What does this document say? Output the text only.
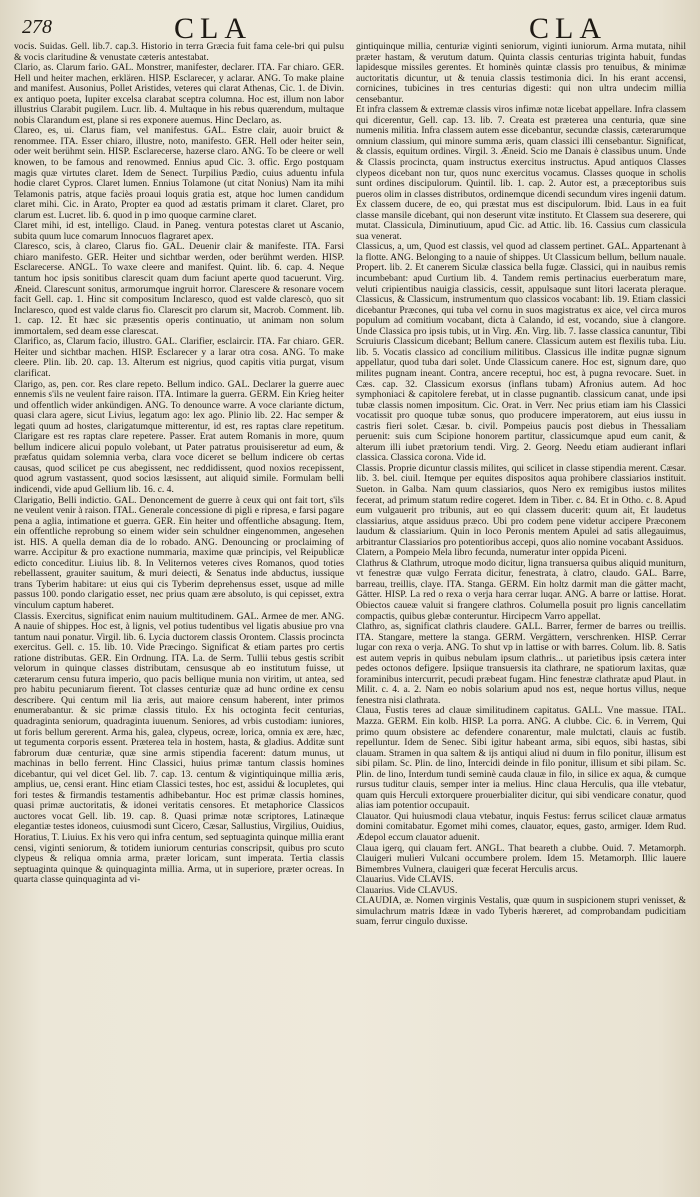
278	CLA	CLA

vocis. Suidas. Gell. lib.7. cap.3. Historio in terra Græcia fuit fama cele-bri qui pulsu & vocis claritudine & venustate cæteris antestabat.

Clario, as. Clarum fario. GAL. Monstrer, manifester, declarer. ITA. Far chiaro. GER. Hell und heiter machen, erklären. HISP. Esclarecer, y aclarar. ANG. To make plaine and manifest. Ausonius, Pollet Aristides, veteres qui clarat Athenas, Cic. 1. de Divin. ex antiquo poeta, Iupiter excelsa clarabat sceptra columna. Hoc est, illum non labor illustrius Clarabit pugilem. Lucr. lib. 4. Multaque in his rebus quærendum, multaque nobis Clarandum est, plane si res exponere auemus. Hinc Declaro, as.

Clareo, es, ui. Clarus fiam, vel manifestus. GAL. Estre clair, auoir bruict & renommee. ITA. Esser chiaro, illustre, noto, manifesto. GER. Hell oder heiter sein, oder weit berühmt sein. HISP. Esclarecerse, hazerse claro. ANG. To be cleere or well knowen, to be famous and renowmed. Ennius apud Cic. 3. offic. Ergo postquam magis quæ virtutes claret. Idem de Senect. Turpilius Pædio, cuius aduentu infula hodie claret Cypros. Claret lumen. Ennius Tolamone (ut citat Nonius) Nam ita mihi Telamonis patris, atque faciès proaui loquis gratia est, atque hoc lumen candidum claret mihi. Cic. in Arato, Propter ea quod ad æstatis primam it claret. Claret, pro clarum est. Lucret. lib. 6. quod in p imo quoque carmine claret.

Claret mihi, id est, intelligo. Claud. in Paneg. ventura potestas claret ut Ascanio, subita quum luce comarum Innocuos flagraret apex.

Claresco, scis, à clareo, Clarus fio. GAL. Deuenir clair & manifeste. ITA. Farsi chiaro manifesto. GER. Heiter und sichtbar werden, oder berühmt werden. HISP. Esclarecerse. ANGL. To waxe cleere and manifest. Quint. lib. 6. cap. 4. Neque tantum hoc ipsis sonitibus clarescit quam dum faciunt aperte quod tacuerunt. Virg. Æneid. Clarescunt sonitus, armorumque ingruit horror. Clarescere & resonare vocem facit Gell. cap. 1. Hinc sit compositum Inclaresco, quod est valde clarescò, quo sit Inclaresco, quod est valde clarus fio. Clarescit pro clarum sit, Macrob. Comment. lib. 1. cap. 12. Et hæc sic præsentis operis continuatio, ut animam non solum immortalem, sed deam esse clarescat.

Clarifico, as, Clarum facio, illustro. GAL. Clarifier, esclaircir. ITA. Far chiaro. GER. Heiter und sichtbar machen. HISP. Esclarecer y a larar otra cosa. ANG. To make cleere. Plin. lib. 20. cap. 13. Alterum est nigrius, quod capitis vitia purgat, visum clarificat.

Clarigo, as, pen. cor. Res clare repeto. Bellum indico. GAL. Declarer la guerre auec ennemis s'ils ne veulent faire raison. ITA. Intimare la guerra. GERM. Ein Krieg heiter und offentlich wider ankündigen. ANG. To denounce warre. A voce clariante dictum, quasi clara agere, sicut Livius, legatum ago: lex ago. Plinio lib. 22. Hac semper & legati quum ad hostes, clarigatumque mitterentur, id est, res raptas clare repetitum. Clarigare est res raptas clare repetere. Passer. Erat autem Romanis in more, quum bellum indicere alicui populo volebant, ut Pater patratus prouisiseretur ad eum, & præfatus quidam solemnia verba, clara voce diceret se bellum indicere ob certas causas, quod scilicet pe cus abegissent, nec reddidissent, quod noxios recepissent, quod agrum vastassent, quod socios læsissent, aut aliquid simile. Formulam belli indicendi, vide apud Gellium lib. 16. c. 4.

Clarigatio, Belli indictio. GAL. Denoncement de guerre à ceux qui ont fait tort, s'ils ne veulent venir à raison. ITAL. Generale concessione di pigli e ripresa, e farsi pagare pena a aglia, intimatione et guerra. GER. Ein heiter und offentliche absagung. Item, ein offentliche reprobung so einem wider sein schuldner eingenommen, angesehen ist. HIS. A quella deman dia de lo robado. ANG. Denouncing or proclaiming of warre. Accipitur & pro exactione nummaria, maxime quæ principis, vel Reipublicæ edicto conceditur. Liuius lib. 8. In Veliternos veteres cives Romanos, quod toties rebellassent, grauiter sauitum, & muri deiecti, & Senatus inde abductus, iussique trans Tyberim habitare: ut eius qui cis Tyberim deprehensus esset, usque ad mille passus 100. pondo clarigatio esset, nec prius quam ære absoluto, is qui cepisset, extra vinculum captum haberet.

Classis. Exercitus, significat enim nauium multitudinem. GAL. Armee de mer. ANG. A nauie of shippes. Hoc est, à lignis, vel potius tudentibus vel ligatis abusiue pro vna tantum naui ponatur. Virgil. lib. 6. Lycia ductorem classis Orontem. Classis procincta exercitus. Gell. c. 15. lib. 10. Vide Præcingo. Significat & etiam partes pro certis ratione distributas. GER. Ein Ordnung. ITA. La. de Serm. Tullii tebus gestis scribit velorum in quinque classes distributam, censusque ab eo institutum fuisse, ut cæterarum censu futura imperio, quo pacis bellique munia non viritim, ut antea, sed pro habitu pecuniarum fierent. Tot classes centuriæ quæ ad hunc ordine ex censu describere. Qui centum mil lia æris, aut maiore censum haberent, inter primos enumerabantur. & sic primæ classis titulo. Ex his octoginta fecit centurias, quadraginta seniorum, quadraginta iuuenum. Seniores, ad vrbis custodiam: iuniores, ut foris bellum gererent. Arma his, galea, clypeus, ocreæ, lorica, omnia ex ære, hæc, ut tegumenta corporis essent. Præterea tela in hostem, hasta, & gladius. Additæ sunt fabrorum duæ centuriæ, quæ sine armis stipendia facerent: datum munus, ut machinas in bello ferrent. Hinc Classici, huius primæ tantum classis homines dicebantur, qui vel dicet Gel. lib. 7. cap. 13. centum & vigintiquinque millia æris, amplius, ue, censi erant. Hinc etiam Classici testes, hoc est, assidui & locupletes, qui fori testes & firmandis testamentis adhibebantur. Hoc est primæ classis homines, quasi primæ auctoritatis, & idonei veritatis censores. Et metaphorice Classicos auctores vocat Gell. lib. 19. cap. 8. Quasi primæ notæ scriptores, Latinæque elegantiæ testes idoneos, cuiusmodi sunt Cicero, Cæsar, Sallustius, Virgilius, Ouidius, Horatius, T. Liuius. Ex his vero qui infra centum, sed septuaginta quinque millia erant censi, viginti seniorum, & totidem iuniorum centurias conscripsit, quibus pro scuto clypeus & reliqua omnia arma, præter loricam, sunt imperata. Tertia classis septuaginta quinque & quinquaginta millia. Arma, ut in superiore, præter ocreas. In quarta classe quinquaginta ad vi-

gintiquinque millia, centuriæ viginti seniorum, viginti iuniorum. Arma mutata, nihil præter hastam, & verutum datum. Quinta classis centurias triginta habuit, fundas lapidesque missiles gerentes. Et hominès quintæ classis pro tenuibus, & minimæ auctoritatis dicuntur, ut & tenuia classis testimonia dici. In his erant accensi, cornicines, tubicines in tres centurias digesti: qui non ultra undecim millia censebantur.

Et infra classem & extremæ classis viros infimæ notæ licebat appellare. Infra classem qui dicerentur, Gell. cap. 13. lib. 7. Creata est præterea una centuria, quæ sine numenis militia. Infra classem autem esse dicebantur, secundæ classis, cæterarumque omnium classium, qui minore summa æris, quam classici illi censebantur. Significat, & classis, equitum ordines. Virgil. 3. Æneid. Scio me Danais è classibus unum. Unde & Classis procincta, quam instructus exercitus instructus. Apud antiquos Classes clypeos dicebant non tur, quos nunc exercitus vocamus. Classes quoque in scholis sunt ordines discipulorum. Quintil. lib. 1. cap. 2. Autor est, a præceptoribus suis pueros olim in classes distributos, ordinemque dicendi secundum vires ingenii datum. Ex classem ducere, de eo, qui præstat mus est discipulorum. Ibid. Laus in ea fuit classe mansile dicebant, qui non deserunt vitæ instituto. Et Classem sua deserere, qui mutat. Classicula, Diminutiuum, apud Cic. ad Attic. lib. 16. Cassius cum classicula sua venerat.

Classicus, a, um, Quod est classis, vel quod ad classem pertinet. GAL. Appartenant à la flotte. ANG. Belonging to a nauie of shippes. Ut Classicum bellum, bellum nauale. Propert. lib. 2. Et canerem Siculæ classica bella fugæ. Classici, qui in nauibus remis incumbebant: apud Curtium lib. 4. Tandem remis pertinacius euerberatum mare, veluti cripientibus nauigia classicis, cessit, appulsaque sunt litori lacerata pleraque. Classicus, & Classicum, instrumentum quo classicos vocabant: lib. 19. Etiam classici dicebantur Præcones, qui tuba vel cornu in suos magistratus ex aice, vel circa muros populum ad comitium vocabant, dicta à Calando, id est, vocando, siue à clangore. Unde Classica pro ipsis tubis, ut in Virg. Æn. Virg. lib. 7. Iasse classica canuntur, Tibi Scruiuris Classicum dicebant; Bellum canere. Classicum autem est flexilis tuba. Liu. lib. 5. Vocatis classico ad concilium militibus. Classicus ille inditæ pugnæ signum appellatur, quod tuba dari solet. Unde Classicum canere. Hoc est, signum dare, quo milites pugnam ineant. Contra, ancere receptui, hoc est, à pugna revocare. Suet. in Cæs. cap. 32. Classicum exorsus (inflans tubam) Afronius autem. Ad hoc symphoniaci & capitolere ferebat, ut in classe pugnantib. classicum canat, unde ipsi tubæ classis nomen impositum. Cic. Orat. in Verr. Nec prius etiam iam his Classici vocatissit pro quoque tubæ sonus, quo producere imperatorem, aut eius iussu in castris fieri solet. Cæsar. b. civil. Pompeius paucis post diebus in Thessaliam peruenit: suis cum Scipione honorem partitur, classicumque apud eum canit, & alterum illi iubet prætorium tendi. Virg. 2. Georg. Needu etiam audierant inflari classica. Classica corona. Vide id.

Classis. Proprie dicuntur classis milites, qui scilicet in classe stipendia merent. Cæsar. lib. 3. bel. ciuil. Itemque per equites dispositos aqua prohibere classiarios instituit. Sueton. in Galba. Nam quum classiarios, quos Nero ex remigibus iustos milites fecerat, ad primum statum redire cogeret. Idem in Tiber. c. 84. Et in Otho. c. 8. Apud eum vulgauerit pro tribunis, aut eo qui classem ducerit: quum ait, Et laudetus classiarius, atque assiduus præco. Ubi pro codem pene videtur accipere Præconem laudum & classiarium. Quin in loco Peronis mentem Apulei ad satis allegauimus, arbitrantur Classiarios pro potentioribus accepi, quos alio nomine vocabant Assiduos.

Clatern, a Pompeio Mela libro fecunda, numeratur inter oppida Piceni.

Clathrus & Clathrum, utroque modo dicitur, ligna transuersa quibus aliquid muniturn, vt fenestræ quæ vulgo Ferrata dicitur, fenestrata, à clatro, claudo. GAL. Barre, barreau, treillis, claye. ITA. Stanga. GERM. Ein holtz darmit man die gätter macht, Gätter. HISP. La red o rexa o verja hara cerrar luqar. ANG. A barre or lattise. Horat. Obiectos caueæ valuit si frangere clathros. Columella posuit pro lignis cancellatim compactis, quibus glebæ conteruntur. Hircipecm Varro appellat.

Clathro, as, significat clathris claudere. GALL. Barrer, fermer de barres ou treillis. ITA. Stangare, mettere la stanga. GERM. Vergättern, verschrenken. HISP. Cerrar lugar con rexa o verja. ANG. To shut vp in lattise or with barres. Colum. lib. 8. Satis est autem vepris in quibus nebulam ipsum clathris... ut parietibus ipsis cætera inter pedes octonos defigere. Ipsiique transuersis ita clathrare, ne spatiorum laxitas, quæ foraminibus intercurrit, pecudi præbeat fugam. Hinc fenestræ clathratæ apud Plaut. in Milit. c. 4. a. 2. Nam eo nobis solarium apud nos est, neque hortus villus, neque fenestra nisi clathrata.

Claua, Fustis teres ad clauæ similitudinem capitatus. GALL. Vne massue. ITAL. Mazza. GERM. Ein kolb. HISP. La porra. ANG. A clubbe. Cic. 6. in Verrem, Qui primo quum obsistere ac defendere conarentur, male mulctati, clauis ac fustib. repelluntur. Idem de Senec. Sibi igitur habeant arma, sibi equos, sibi hastas, sibi clauam. Stramen in qua saltem & ijs antiqui aliud ni duum in filo ponitur, illisum est sibi pilam. Sc. Plin. de lino, Intercidi deinde in filo ponitur, illisum et sibi pilam. Sc. Plin. de lino, Interdum tundi seminè cauda clauæ in filo, in silice ex aqua, & cumque rursus tuditur clauis, semper inter ia melius. Hinc claua Herculis, qua ille vtebatur, quam quis Herculi extorquere prouerbialiter dicitur, qui sibi vendicare conatur, quod alias iam potentior occupauit.

Clauator. Qui huiusmodi claua vtebatur, inquis Festus: ferrus scilicet clauæ armatus domini comitabatur. Egomet mihi comes, clauator, eques, gasto, armiger. Idem Rud. Ædepol eccum clauator aduenit.

Claua igerq, qui clauam fert. ANGL. That beareth a clubbe. Ouid. 7. Metamorph. Clauigeri mulieri Vulcani occumbere prolem. Idem 15. Metamorph. Illic lauere Bimembres Vulnera, clauigeri quæ fecerat Herculis arcus.

Clauarius. Vide CLAVIS.

Clauarius. Vide CLAVUS.

CLAUDIA, æ. Nomen virginis Vestalis, quæ quum in suspicionem stupri venisset, & simulachrum matris Idææ in vado Tyberis hæreret, ad comprobandam pudicitiam suam, ferrur cingulo duxisse.
